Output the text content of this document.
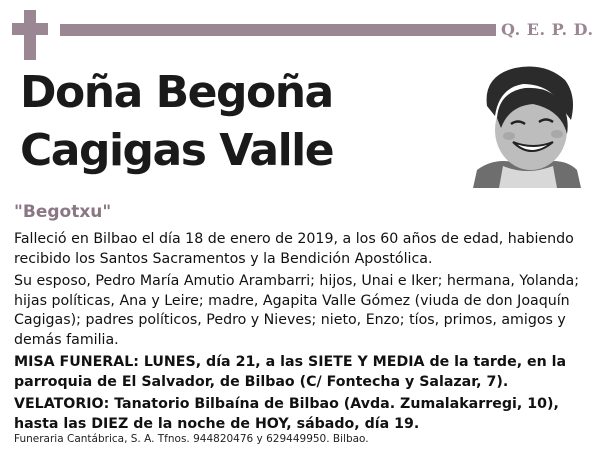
Q. E. P. D.
Doña Begoña
Cagigas Valle
"Begotxu"

Falleció en Bilbao el día 18 de enero de 2019, a los 60 años de edad, habiendo recibido los Santos Sacramentos y la Bendición Apostólica.

Su esposo, Pedro María Amutio Arambarri; hijos, Unai e Iker; hermana, Yolanda; hijas políticas, Ana y Leire; madre, Agapita Valle Gómez (viuda de don Joaquín Cagigas); padres políticos, Pedro y Nieves; nieto, Enzo; tíos, primos, amigos y demás familia.

MISA FUNERAL: LUNES, día 21, a las SIETE Y MEDIA de la tarde, en la parroquia de El Salvador, de Bilbao (C/ Fontecha y Salazar, 7).

VELATORIO: Tanatorio Bilbaína de Bilbao (Avda. Zumalakarregi, 10), hasta las DIEZ de la noche de HOY, sábado, día 19.

Funeraria Cantábrica, S. A. Tfnos. 944820476 y 629449950. Bilbao.
